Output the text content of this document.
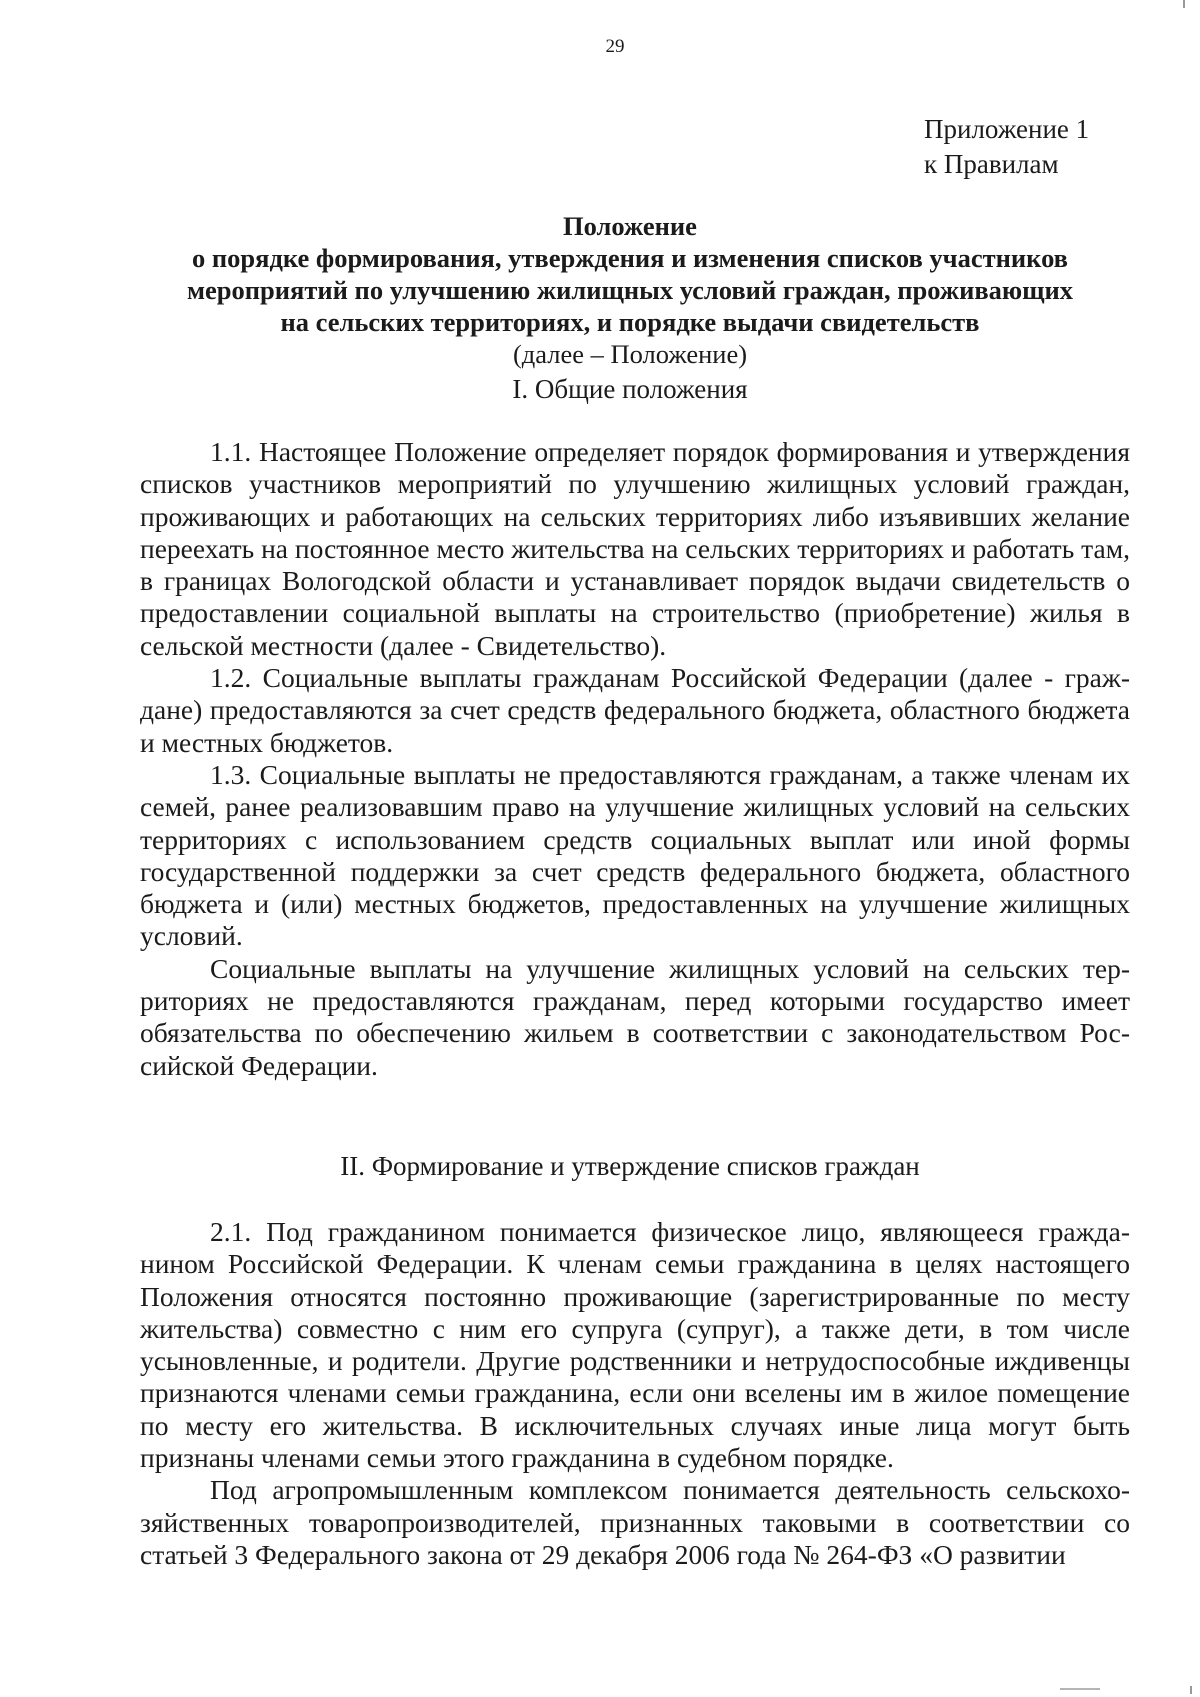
29
Приложение 1
к Правилам
Положение
о порядке формирования, утверждения и изменения списков участников
мероприятий по улучшению жилищных условий граждан, проживающих
на сельских территориях, и порядке выдачи свидетельств
(далее – Положение)
I. Общие положения

1.1. Настоящее Положение определяет порядок формирования и утверждения списков участников мероприятий по улучшению жилищных условий граждан, проживающих и работающих на сельских территориях либо изъявивших желание переехать на постоянное место жительства на сельских территориях и работать там, в границах Вологодской области и устанавливает порядок выдачи свидетельств о предоставлении социальной выплаты на строительство (приобретение) жилья в сельской местности (далее - Свидетельство).

1.2. Социальные выплаты гражданам Российской Федерации (далее - граждане) предоставляются за счет средств федерального бюджета, областного бюджета и местных бюджетов.

1.3. Социальные выплаты не предоставляются гражданам, а также членам их семей, ранее реализовавшим право на улучшение жилищных условий на сельских территориях с использованием средств социальных выплат или иной формы государственной поддержки за счет средств федерального бюджета, областного бюджета и (или) местных бюджетов, предоставленных на улучшение жилищных условий.

Социальные выплаты на улучшение жилищных условий на сельских территориях не предоставляются гражданам, перед которыми государство имеет обязательства по обеспечению жильем в соответствии с законодательством Российской Федерации.

II. Формирование и утверждение списков граждан

2.1. Под гражданином понимается физическое лицо, являющееся гражданином Российской Федерации. К членам семьи гражданина в целях настоящего Положения относятся постоянно проживающие (зарегистрированные по месту жительства) совместно с ним его супруга (супруг), а также дети, в том числе усыновленные, и родители. Другие родственники и нетрудоспособные иждивенцы признаются членами семьи гражданина, если они вселены им в жилое помещение по месту его жительства. В исключительных случаях иные лица могут быть признаны членами семьи этого гражданина в судебном порядке.

Под агропромышленным комплексом понимается деятельность сельскохозяйственных товаропроизводителей, признанных таковыми в соответствии со статьей 3 Федерального закона от 29 декабря 2006 года № 264-ФЗ «О развитии
